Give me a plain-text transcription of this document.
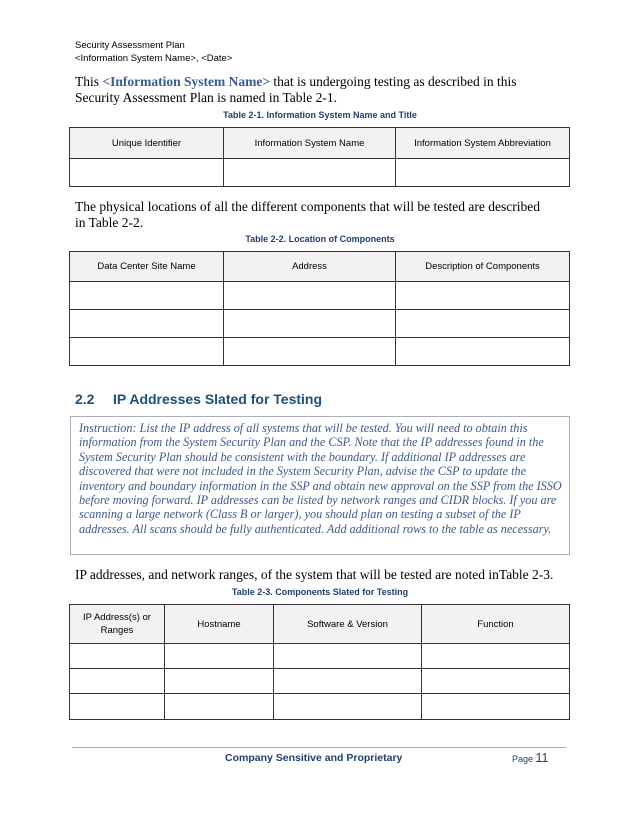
Security Assessment Plan
<Information System Name>, <Date>
This <Information System Name> that is undergoing testing as described in this Security Assessment Plan is named in Table 2-1.
Table 2-1. Information System Name and Title
Unique Identifier	Information System Name	Information System Abbreviation

The physical locations of all the different components that will be tested are described in Table 2-2.
Table 2-2. Location of Components
Data Center Site Name	Address	Description of Components

2.2 IP Addresses Slated for Testing
Instruction: List the IP address of all systems that will be tested. You will need to obtain this information from the System Security Plan and the CSP. Note that the IP addresses found in the System Security Plan should be consistent with the boundary. If additional IP addresses are discovered that were not included in the System Security Plan, advise the CSP to update the inventory and boundary information in the SSP and obtain new approval on the SSP from the ISSO before moving forward. IP addresses can be listed by network ranges and CIDR blocks. If you are scanning a large network (Class B or larger), you should plan on testing a subset of the IP addresses. All scans should be fully authenticated. Add additional rows to the table as necessary.
IP addresses, and network ranges, of the system that will be tested are noted inTable 2-3.
Table 2-3. Components Slated for Testing
IP Address(s) or Ranges	Hostname	Software & Version	Function

Company Sensitive and Proprietary	Page 11
